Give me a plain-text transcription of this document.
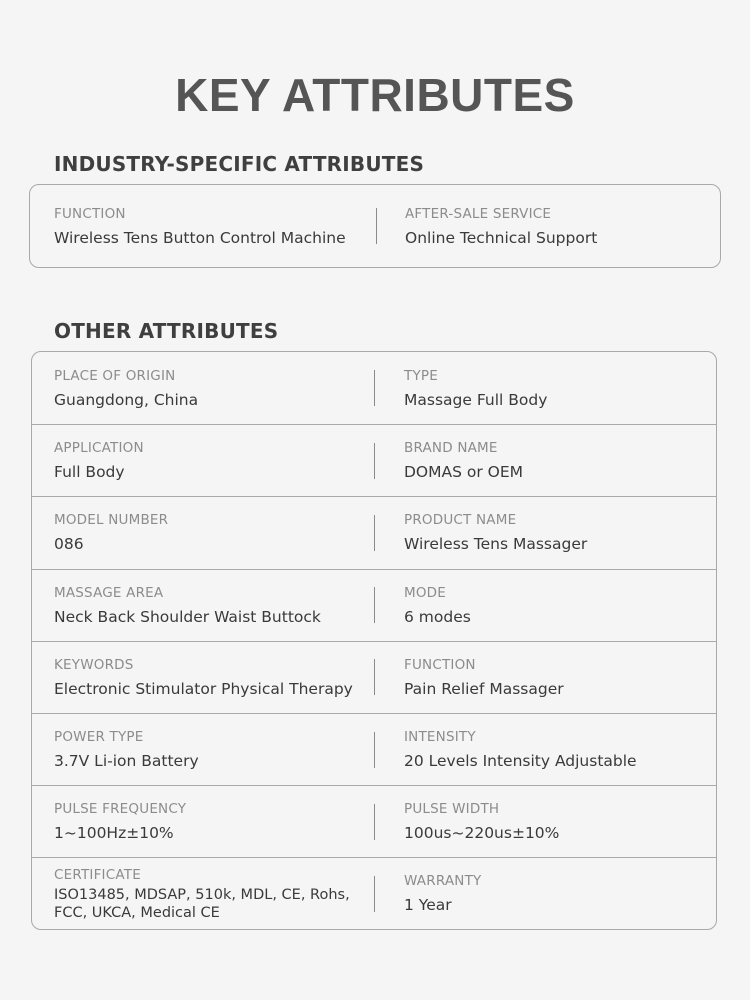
KEY ATTRIBUTES
INDUSTRY-SPECIFIC ATTRIBUTES
FUNCTION
Wireless Tens Button Control Machine
AFTER-SALE SERVICE
Online Technical Support
OTHER ATTRIBUTES
PLACE OF ORIGIN
Guangdong, China
TYPE
Massage Full Body
APPLICATION
Full Body
BRAND NAME
DOMAS or OEM
MODEL NUMBER
086
PRODUCT NAME
Wireless Tens Massager
MASSAGE AREA
Neck Back Shoulder Waist Buttock
MODE
6 modes
KEYWORDS
Electronic Stimulator Physical Therapy
FUNCTION
Pain Relief Massager
POWER TYPE
3.7V Li-ion Battery
INTENSITY
20 Levels Intensity Adjustable
PULSE FREQUENCY
1~100Hz±10%
PULSE WIDTH
100us~220us±10%
CERTIFICATE
ISO13485, MDSAP, 510k, MDL, CE, Rohs, FCC, UKCA, Medical CE
WARRANTY
1 Year
